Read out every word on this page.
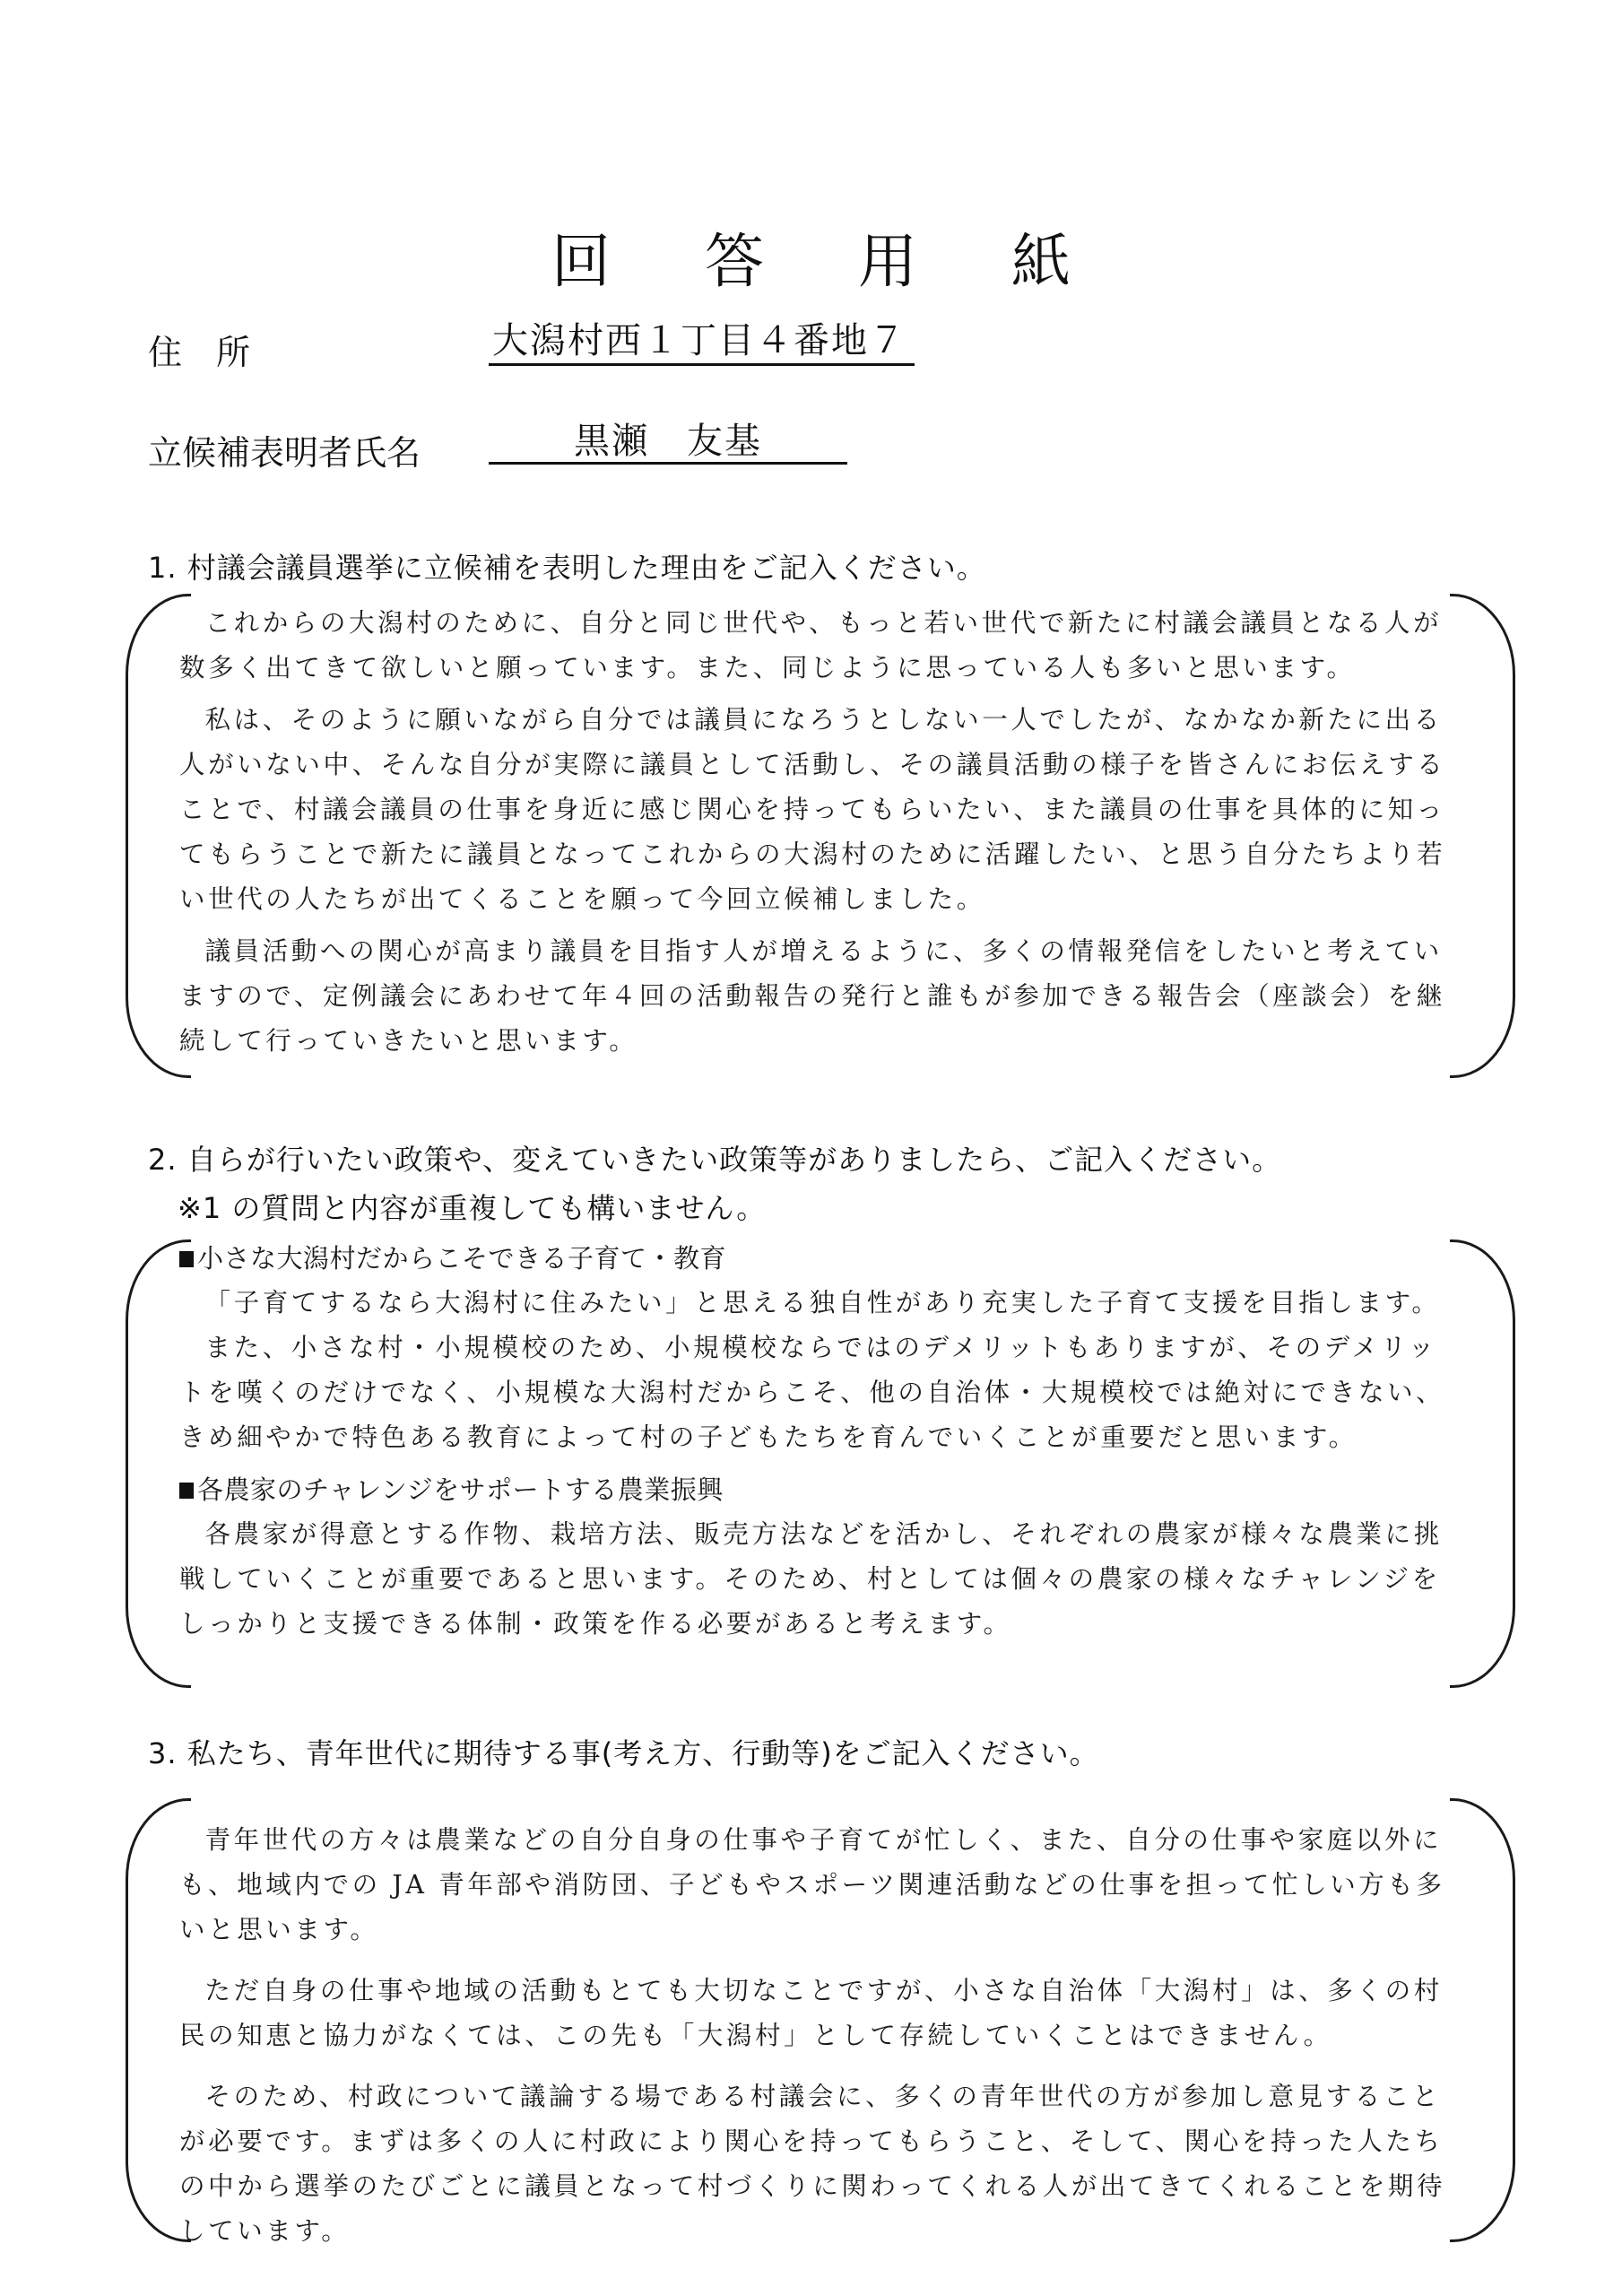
回 答 用 紙
住　所	大潟村西１丁目４番地７
立候補表明者氏名	黒瀬　友基
1. 村議会議員選挙に立候補を表明した理由をご記入ください。

これからの大潟村のために、自分と同じ世代や、もっと若い世代で新たに村議会議員となる人が数多く出てきて欲しいと願っています。また、同じように思っている人も多いと思います。

私は、そのように願いながら自分では議員になろうとしない一人でしたが、なかなか新たに出る人がいない中、そんな自分が実際に議員として活動し、その議員活動の様子を皆さんにお伝えすることで、村議会議員の仕事を身近に感じ関心を持ってもらいたい、また議員の仕事を具体的に知ってもらうことで新たに議員となってこれからの大潟村のために活躍したい、と思う自分たちより若い世代の人たちが出てくることを願って今回立候補しました。

議員活動への関心が高まり議員を目指す人が増えるように、多くの情報発信をしたいと考えていますので、定例議会にあわせて年４回の活動報告の発行と誰もが参加できる報告会（座談会）を継続して行っていきたいと思います。

2. 自らが行いたい政策や、変えていきたい政策等がありましたら、ご記入ください。
※1 の質問と内容が重複しても構いません。

小さな大潟村だからこそできる子育て・教育

「子育てするなら大潟村に住みたい」と思える独自性があり充実した子育て支援を目指します。

また、小さな村・小規模校のため、小規模校ならではのデメリットもありますが、そのデメリットを嘆くのだけでなく、小規模な大潟村だからこそ、他の自治体・大規模校では絶対にできない、きめ細やかで特色ある教育によって村の子どもたちを育んでいくことが重要だと思います。

各農家のチャレンジをサポートする農業振興

各農家が得意とする作物、栽培方法、販売方法などを活かし、それぞれの農家が様々な農業に挑戦していくことが重要であると思います。そのため、村としては個々の農家の様々なチャレンジをしっかりと支援できる体制・政策を作る必要があると考えます。

3. 私たち、青年世代に期待する事(考え方、行動等)をご記入ください。

青年世代の方々は農業などの自分自身の仕事や子育てが忙しく、また、自分の仕事や家庭以外にも、地域内での JA 青年部や消防団、子どもやスポーツ関連活動などの仕事を担って忙しい方も多いと思います。

ただ自身の仕事や地域の活動もとても大切なことですが、小さな自治体「大潟村」は、多くの村民の知恵と協力がなくては、この先も「大潟村」として存続していくことはできません。

そのため、村政について議論する場である村議会に、多くの青年世代の方が参加し意見することが必要です。まずは多くの人に村政により関心を持ってもらうこと、そして、関心を持った人たちの中から選挙のたびごとに議員となって村づくりに関わってくれる人が出てきてくれることを期待しています。
